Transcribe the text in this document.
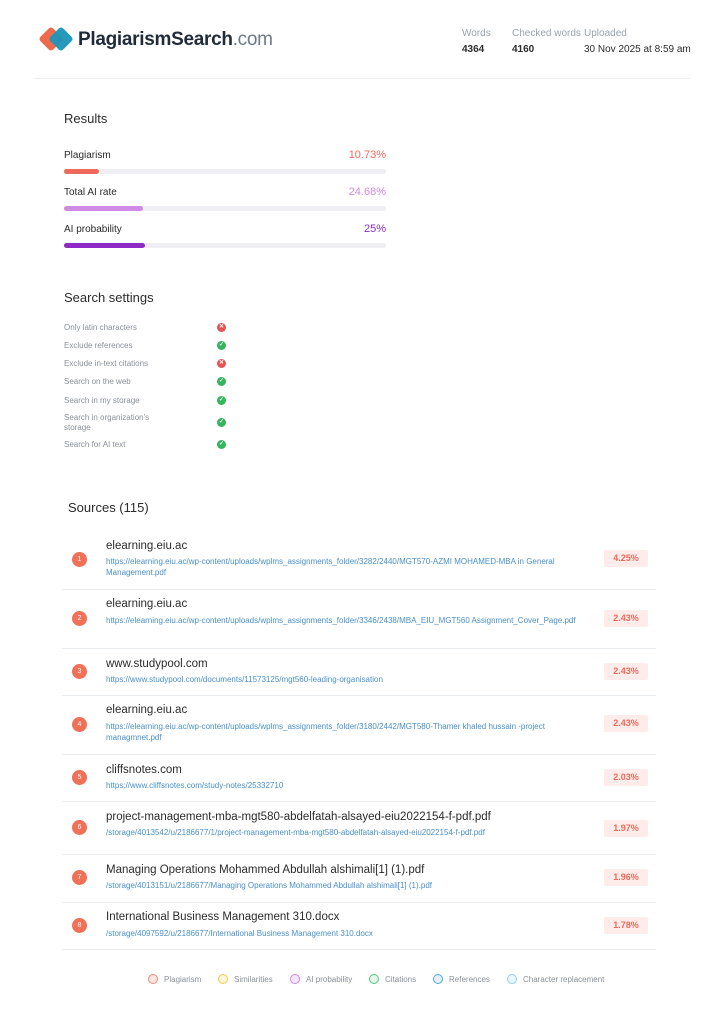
PlagiarismSearch.com	Words
4364
Checked words
4160
Uploaded
30 Nov 2025 at 8:59 am
Results
Plagiarism	10.73%
Total AI rate	24.68%
AI probability	25%
Search settings
Only latin characters	✕
Exclude references	✓
Exclude in-text citations	✕
Search on the web	✓
Search in my storage	✓
Search in organization's storage
✓
Search for AI text	✓
Sources (115)
1
elearning.eiu.ac
https://elearning.eiu.ac/wp-content/uploads/wplms_assignments_folder/3282/2440/MGT570-AZMI MOHAMED-MBA in General Management.pdf
4.25%
2
elearning.eiu.ac
https://elearning.eiu.ac/wp-content/uploads/wplms_assignments_folder/3346/2438/MBA_EIU_MGT560 Assignment_Cover_Page.pdf	2.43%
3
www.studypool.com
https://www.studypool.com/documents/11573125/mgt560-leading-organisation
2.43%
4
elearning.eiu.ac
https://elearning.eiu.ac/wp-content/uploads/wplms_assignments_folder/3180/2442/MGT580-Thamer khaled hussain -project managmnet.pdf
2.43%
5
cliffsnotes.com
https://www.cliffsnotes.com/study-notes/25332710
2.03%
6
project-management-mba-mgt580-abdelfatah-alsayed-eiu2022154-f-pdf.pdf
/storage/4013542/u/2186677/1/project-management-mba-mgt580-abdelfatah-alsayed-eiu2022154-f-pdf.pdf	1.97%
7
Managing Operations Mohammed Abdullah alshimali[1] (1).pdf
/storage/4013151/u/2186677/Managing Operations Mohammed Abdullah alshimali[1] (1).pdf
1.96%
8
International Business Management 310.docx
/storage/4097592/u/2186677/International Business Management 310.docx
1.78%
Plagiarism	Similarities	AI probability	Citations	References	Character replacement
